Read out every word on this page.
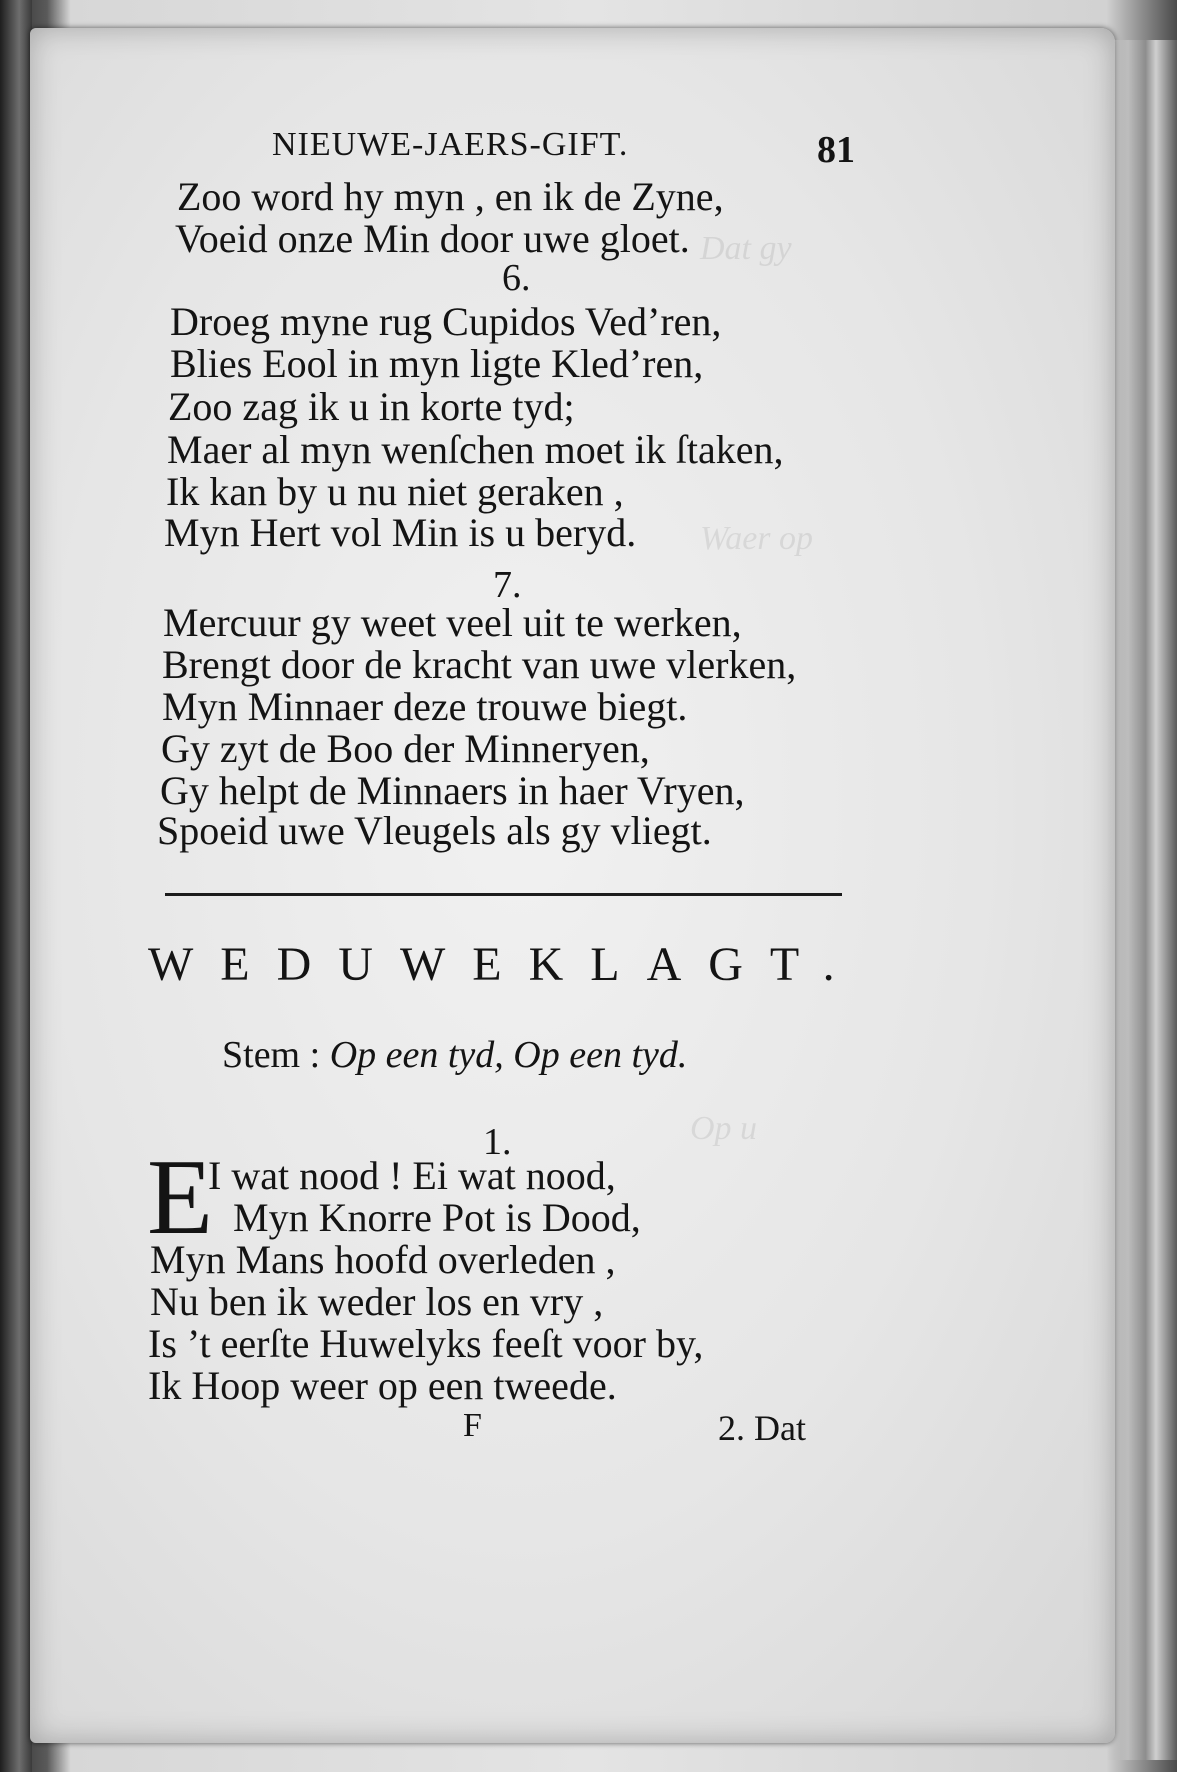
Dat gy
Waer op
Op u
NIEUWE-JAERS-GIFT.	81
Zoo word hy myn , en ik de Zyne,
Voeid onze Min door uwe gloet.
6.
Droeg myne rug Cupidos Ved’ren,
Blies Eool in myn ligte Kled’ren,
Zoo zag ik u in korte tyd;
Maer al myn wenſchen moet ik ſtaken,
Ik kan by u nu niet geraken ,
Myn Hert vol Min is u beryd.
7.
Mercuur gy weet veel uit te werken,
Brengt door de kracht van uwe vlerken,
Myn Minnaer deze trouwe biegt.
Gy zyt de Boo der Minneryen,
Gy helpt de Minnaers in haer Vryen,
Spoeid uwe Vleugels als gy vliegt.
WEDUWEKLAGT.
Stem : Op een tyd, Op een tyd.
1.
E
I wat nood ! Ei wat nood,
Myn Knorre Pot is Dood,
Myn Mans hoofd overleden ,
Nu ben ik weder los en vry ,
Is ’t eerſte Huwelyks feeſt voor by,
Ik Hoop weer op een tweede.
F	2. Dat
